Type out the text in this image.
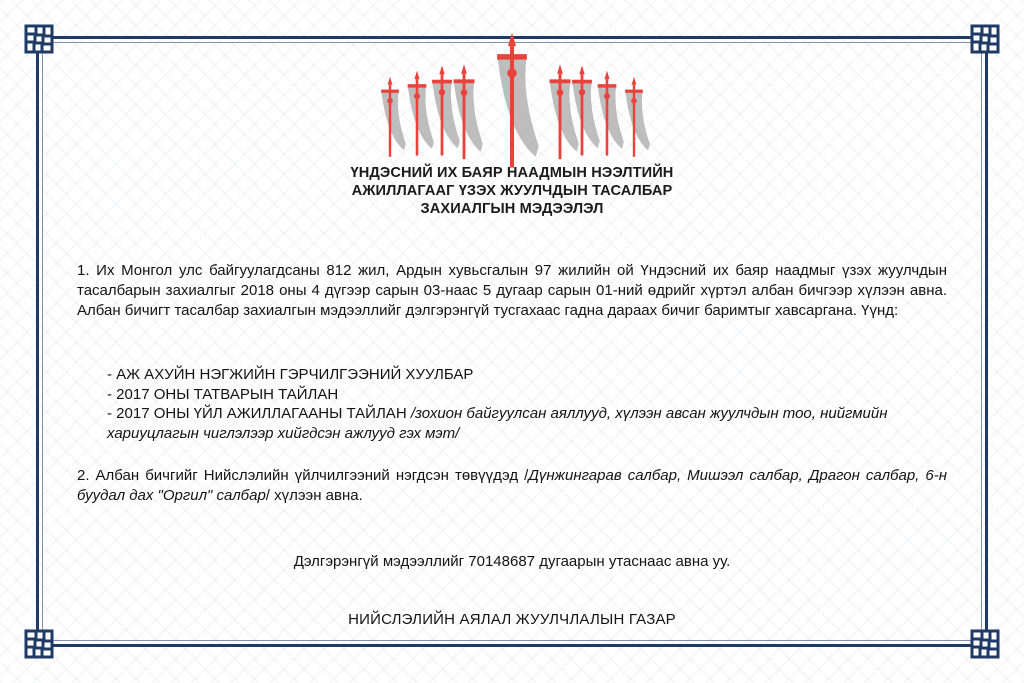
ҮНДЭСНИЙ ИХ БАЯР НААДМЫН НЭЭЛТИЙН
АЖИЛЛАГААГ ҮЗЭХ ЖУУЛЧДЫН ТАСАЛБАР
ЗАХИАЛГЫН МЭДЭЭЛЭЛ
1. Их Монгол улс байгуулагдсаны 812 жил, Ардын хувьсгалын 97 жилийн ой Үндэсний их баяр наадмыг үзэх жуулчдын тасалбарын захиалгыг 2018 оны 4 дүгээр сарын 03-наас 5 дугаар сарын 01-ний өдрийг хүртэл албан бичгээр хүлээн авна. Албан бичигт тасалбар захиалгын мэдээллийг дэлгэрэнгүй тусгахаас гадна дараах бичиг баримтыг хавсаргана. Үүнд:
- АЖ АХУЙН НЭГЖИЙН ГЭРЧИЛГЭЭНИЙ ХУУЛБАР
- 2017 ОНЫ ТАТВАРЫН ТАЙЛАН
- 2017 ОНЫ ҮЙЛ АЖИЛЛАГААНЫ ТАЙЛАН /зохион байгуулсан аяллууд, хүлээн авсан жуулчдын тоо, нийгмийн хариуцлагын чиглэлээр хийгдсэн ажлууд гэх мэт/
2. Албан бичгийг Нийслэлийн үйлчилгээний нэгдсэн төвүүдэд /Дүнжингарав салбар, Мишээл салбар, Драгон салбар, 6-н буудал дах "Оргил" салбар/ хүлээн авна.
Дэлгэрэнгүй мэдээллийг 70148687 дугаарын утаснаас авна уу.
НИЙСЛЭЛИЙН АЯЛАЛ ЖУУЛЧЛАЛЫН ГАЗАР
